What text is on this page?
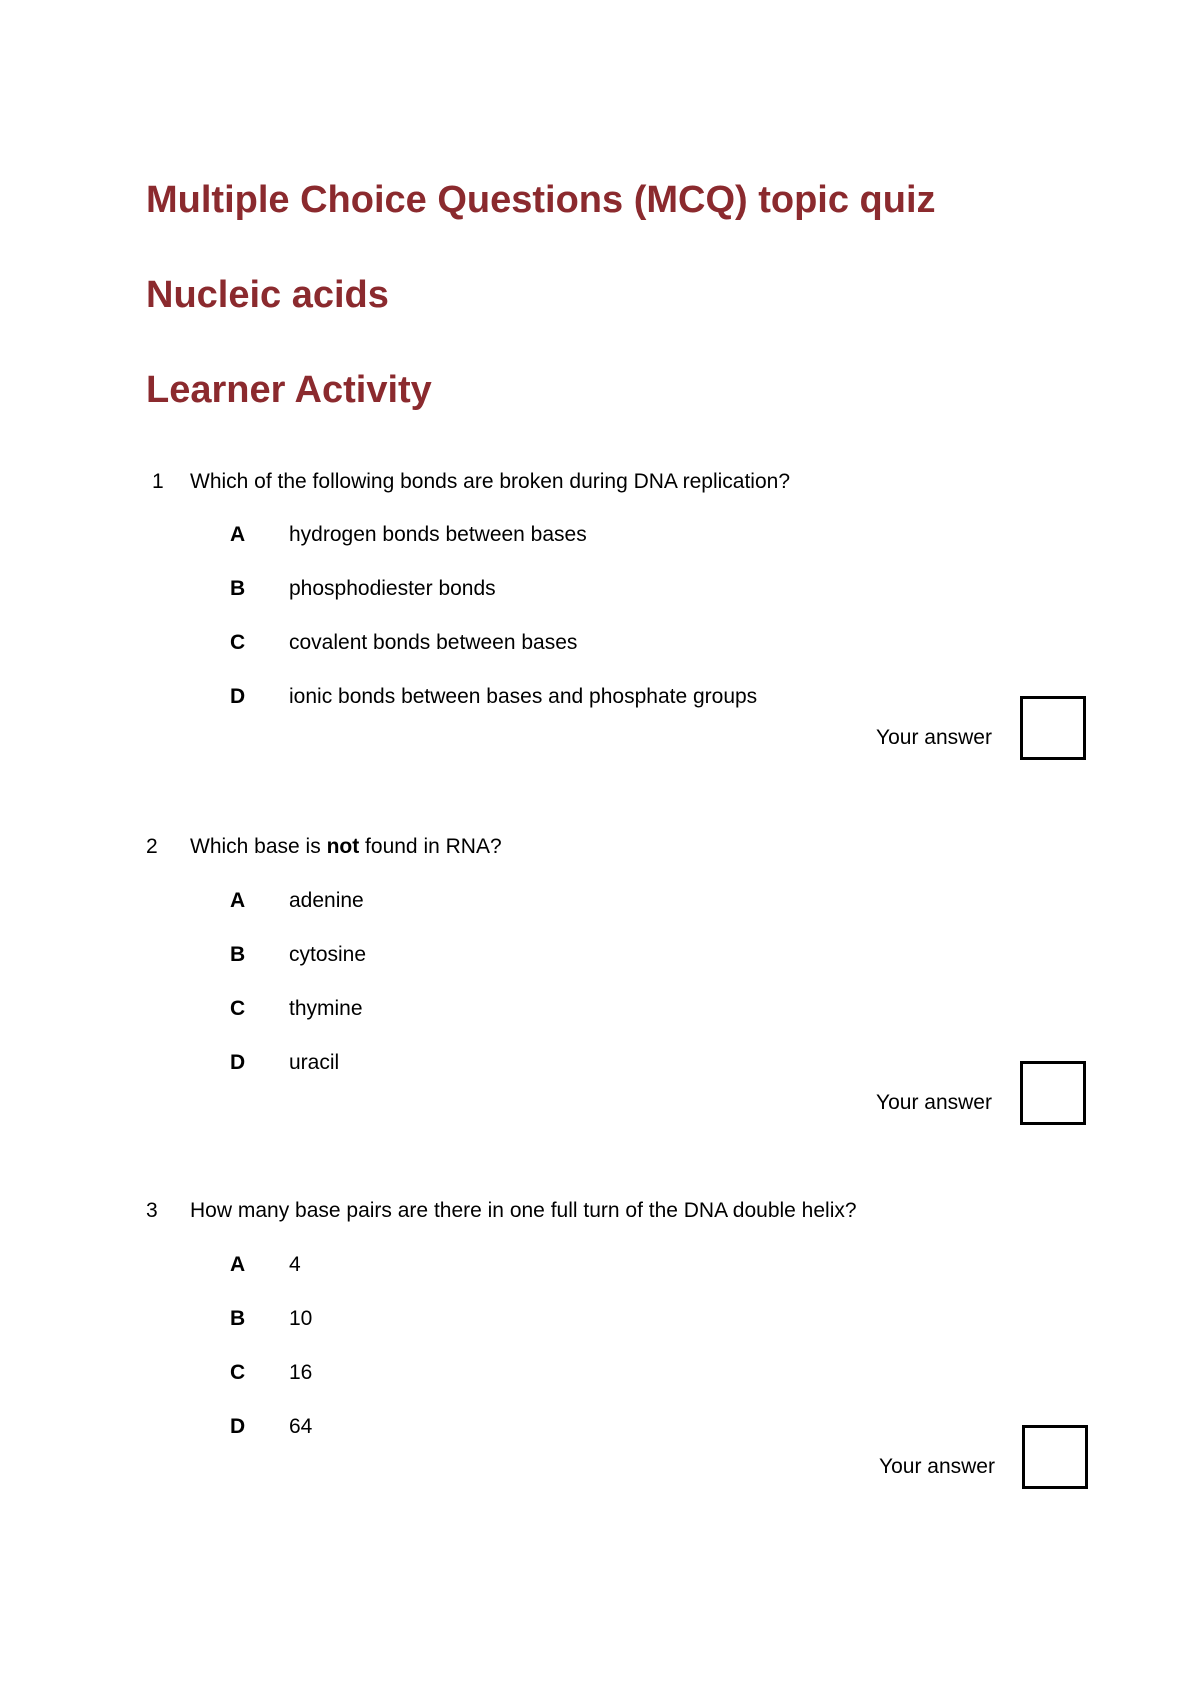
Multiple Choice Questions (MCQ) topic quiz
Nucleic acids
Learner Activity
1 Which of the following bonds are broken during DNA replication?
A hydrogen bonds between bases
B phosphodiester bonds
C covalent bonds between bases
D ionic bonds between bases and phosphate groups
Your answer
2 Which base is not found in RNA?
A adenine
B cytosine
C thymine
D uracil
Your answer
3 How many base pairs are there in one full turn of the DNA double helix?
A 4
B 10
C 16
D 64
Your answer
